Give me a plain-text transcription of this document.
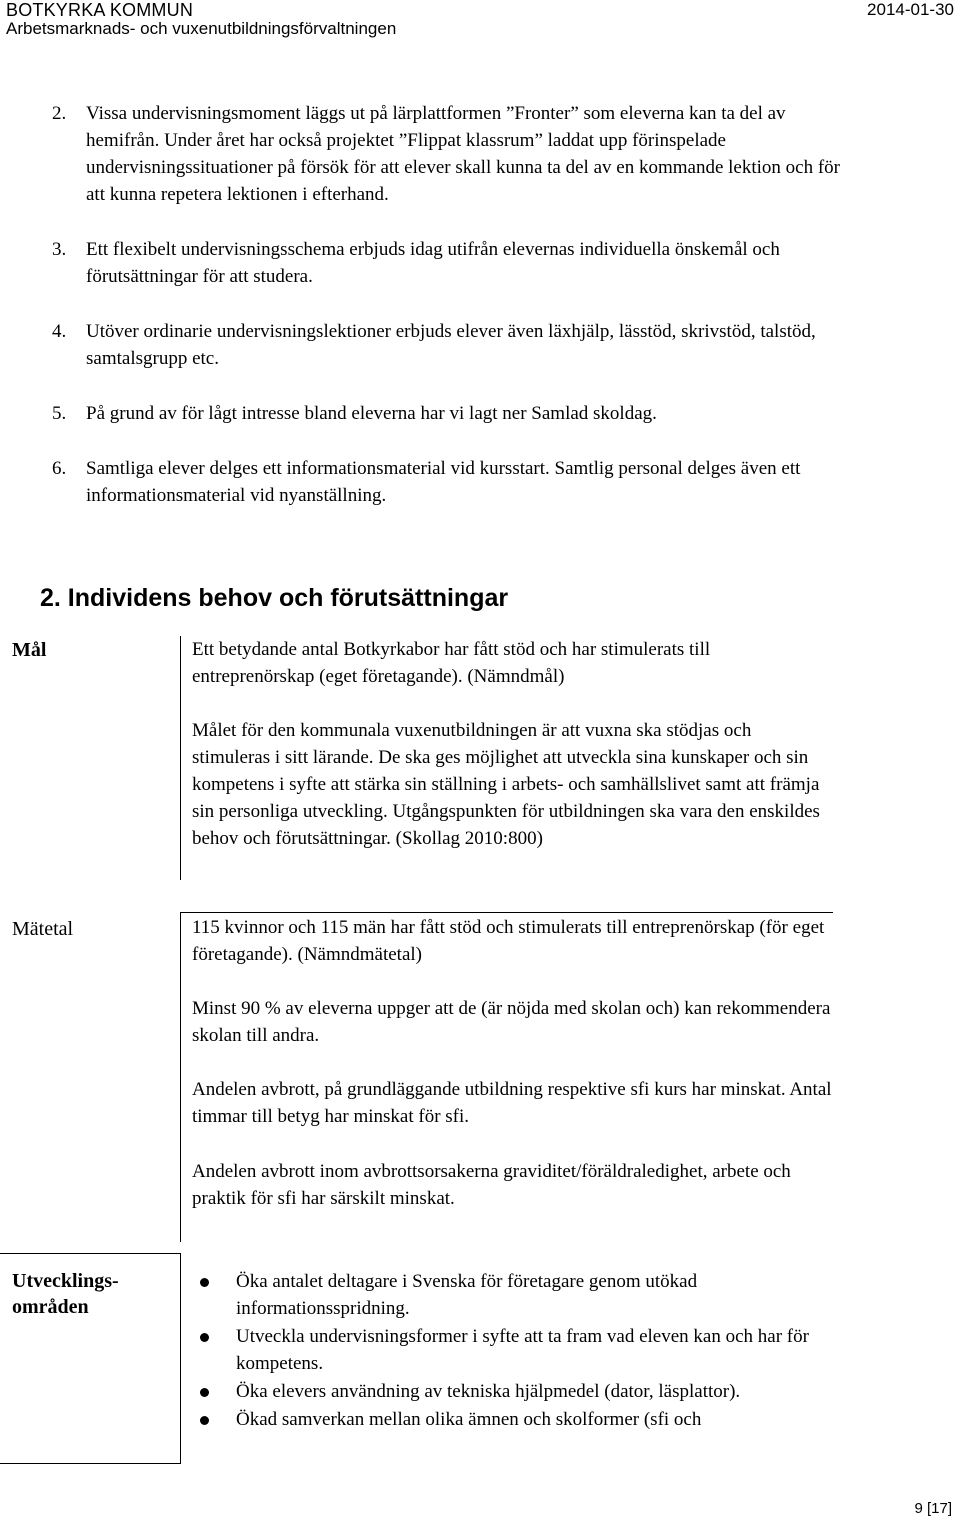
BOTKYRKA KOMMUN
Arbetsmarknads- och vuxenutbildningsförvaltningen
2014-01-30
2. Vissa undervisningsmoment läggs ut på lärplattformen ”Fronter” som eleverna kan ta del av hemifrån. Under året har också projektet ”Flippat klassrum” laddat upp förinspelade undervisningssituationer på försök för att elever skall kunna ta del av en kommande lektion och för att kunna repetera lektionen i efterhand.
3. Ett flexibelt undervisningsschema erbjuds idag utifrån elevernas individuella önskemål och förutsättningar för att studera.
4. Utöver ordinarie undervisningslektioner erbjuds elever även läxhjälp, lässtöd, skrivstöd, talstöd, samtalsgrupp etc.
5. På grund av för lågt intresse bland eleverna har vi lagt ner Samlad skoldag.
6. Samtliga elever delges ett informationsmaterial vid kursstart. Samtlig personal delges även ett informationsmaterial vid nyanställning.
2. Individens behov och förutsättningar
Mål	Ett betydande antal Botkyrkabor har fått stöd och har stimulerats till entreprenörskap (eget företagande). (Nämndmål)
Målet för den kommunala vuxenutbildningen är att vuxna ska stödjas och stimuleras i sitt lärande. De ska ges möjlighet att utveckla sina kunskaper och sin kompetens i syfte att stärka sin ställning i arbets- och samhällslivet samt att främja sin personliga utveckling. Utgångspunkten för utbildningen ska vara den enskildes behov och förutsättningar. (Skollag 2010:800)
Mätetal	115 kvinnor och 115 män har fått stöd och stimulerats till entreprenörskap (för eget företagande). (Nämndmätetal)
Minst 90 % av eleverna uppger att de (är nöjda med skolan och) kan rekommendera skolan till andra.
Andelen avbrott, på grundläggande utbildning respektive sfi kurs har minskat. Antal timmar till betyg har minskat för sfi.
Andelen avbrott inom avbrottsorsakerna graviditet/föräldraledighet, arbete och praktik för sfi har särskilt minskat.
Utvecklings-
områden
Öka antalet deltagare i Svenska för företagare genom utökad informationsspridning.
Utveckla undervisningsformer i syfte att ta fram vad eleven kan och har för kompetens.
Öka elevers användning av tekniska hjälpmedel (dator, läsplattor).
Ökad samverkan mellan olika ämnen och skolformer (sfi och
9 [17]
